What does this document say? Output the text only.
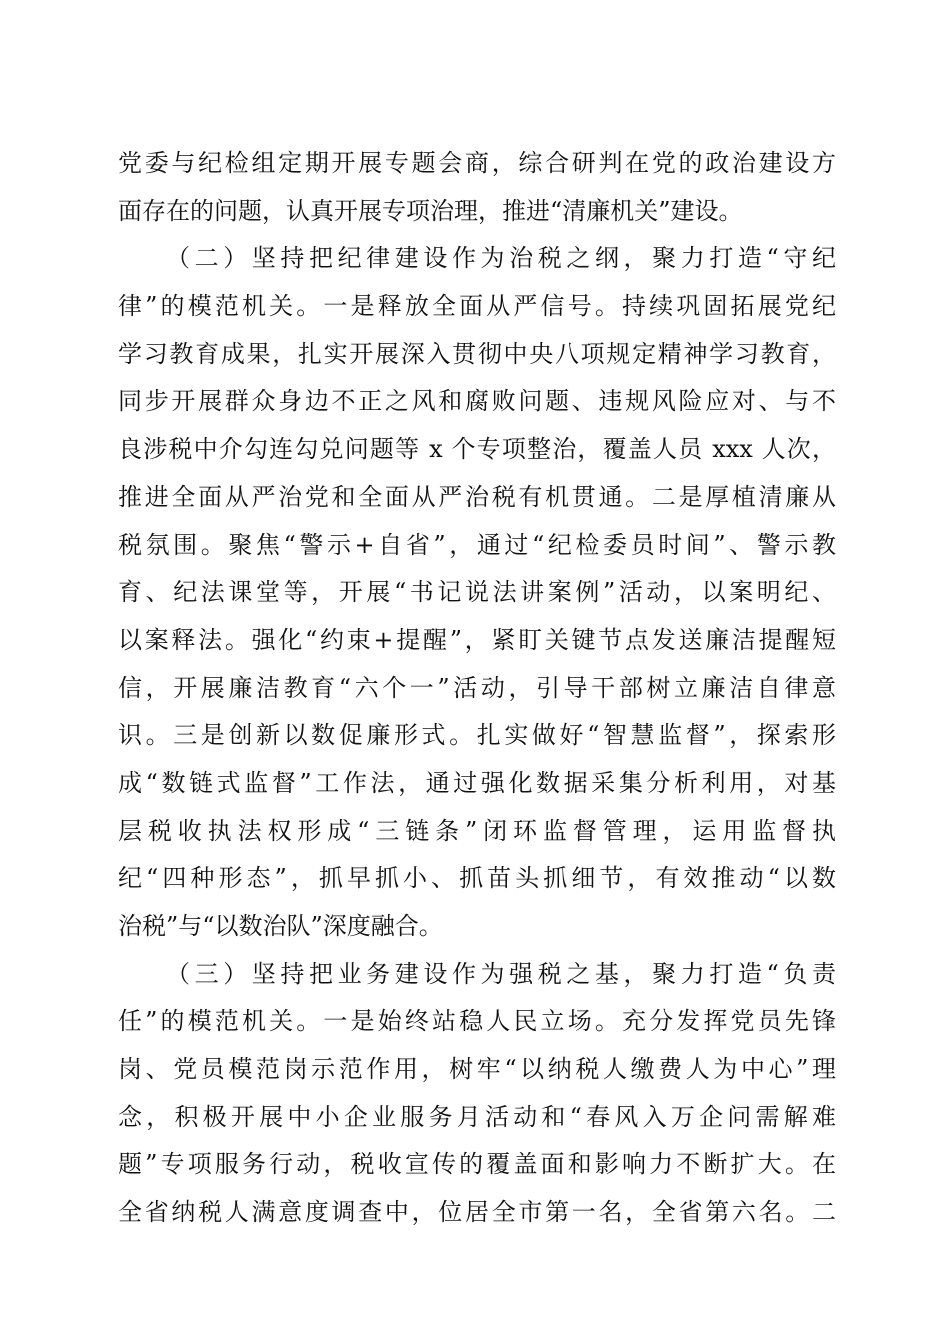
党委与纪检组定期开展专题会商，综合研判在党的政治建设方
面存在的问题，认真开展专项治理，推进“清廉机关”建设。
（二）坚持把纪律建设作为治税之纲，聚力打造“守纪
律”的模范机关。一是释放全面从严信号。持续巩固拓展党纪
学习教育成果，扎实开展深入贯彻中央八项规定精神学习教育，
同步开展群众身边不正之风和腐败问题、违规风险应对、与不
良涉税中介勾连勾兑问题等 x 个专项整治，覆盖人员 xxx 人次，
推进全面从严治党和全面从严治税有机贯通。二是厚植清廉从
税氛围。聚焦“警示+自省”，通过“纪检委员时间”、警示教
育、纪法课堂等，开展“书记说法讲案例”活动，以案明纪、
以案释法。强化“约束+提醒”，紧盯关键节点发送廉洁提醒短
信，开展廉洁教育“六个一”活动，引导干部树立廉洁自律意
识。三是创新以数促廉形式。扎实做好“智慧监督”，探索形
成“数链式监督”工作法，通过强化数据采集分析利用，对基
层税收执法权形成“三链条”闭环监督管理，运用监督执
纪“四种形态”，抓早抓小、抓苗头抓细节，有效推动“以数
治税”与“以数治队”深度融合。
（三）坚持把业务建设作为强税之基，聚力打造“负责
任”的模范机关。一是始终站稳人民立场。充分发挥党员先锋
岗、党员模范岗示范作用，树牢“以纳税人缴费人为中心”理
念，积极开展中小企业服务月活动和“春风入万企问需解难
题”专项服务行动，税收宣传的覆盖面和影响力不断扩大。在
全省纳税人满意度调查中，位居全市第一名，全省第六名。二
